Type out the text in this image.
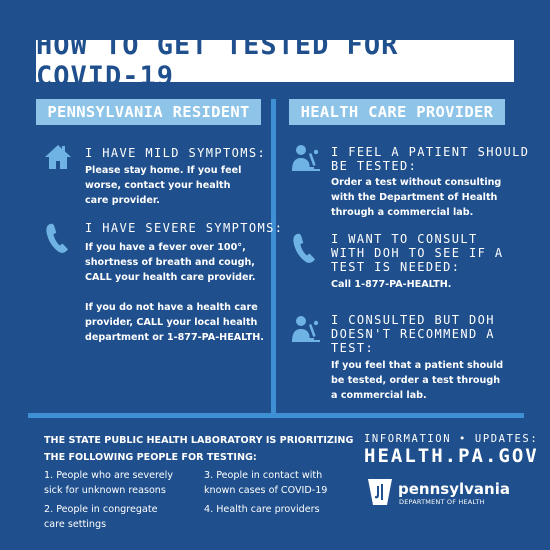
HOW TO GET TESTED FOR COVID-19
PENNSYLVANIA RESIDENT	HEALTH CARE PROVIDER
I HAVE MILD SYMPTOMS:
Please stay home. If you feel
worse, contact your health
care provider.
I HAVE SEVERE SYMPTOMS:
If you have a fever over 100°,
shortness of breath and cough,
CALL your health care provider.
If you do not have a health care
provider, CALL your local health
department or 1-877-PA-HEALTH.
I FEEL A PATIENT SHOULD
BE TESTED:
Order a test without consulting
with the Department of Health
through a commercial lab.
I WANT TO CONSULT
WITH DOH TO SEE IF A
TEST IS NEEDED:
Call 1-877-PA-HEALTH.
I CONSULTED BUT DOH
DOESN'T RECOMMEND A
TEST:
If you feel that a patient should
be tested, order a test through
a commercial lab.
THE STATE PUBLIC HEALTH LABORATORY IS PRIORITIZING
THE FOLLOWING PEOPLE FOR TESTING:
1. People who are severely
sick for unknown reasons
2. People in congregate
care settings
3. People in contact with
known cases of COVID-19
4. Health care providers
INFORMATION • UPDATES:
HEALTH.PA.GOV
pennsylvania
DEPARTMENT OF HEALTH
